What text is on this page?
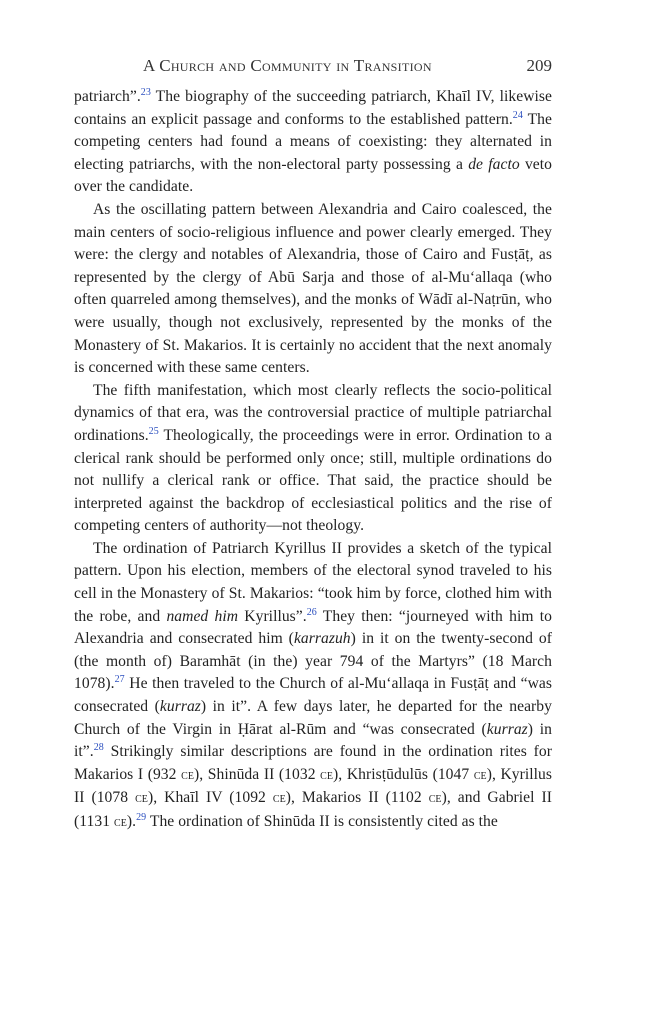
A Church and Community in Transition	209

patriarch”.$^{23}$ The biography of the succeeding patriarch, Khaīl IV, likewise contains an explicit passage and conforms to the established pattern.$^{24}$ The competing centers had found a means of coexisting: they alternated in electing patriarchs, with the non-electoral party possessing a de facto veto over the candidate.

As the oscillating pattern between Alexandria and Cairo coalesced, the main centers of socio-religious influence and power clearly emerged. They were: the clergy and notables of Alexandria, those of Cairo and Fusṭāṭ, as represented by the clergy of Abū Sarja and those of al-Muʻallaqa (who often quarreled among themselves), and the monks of Wādī al-Naṭrūn, who were usually, though not exclusively, represented by the monks of the Monastery of St. Makarios. It is certainly no accident that the next anomaly is concerned with these same centers.

The fifth manifestation, which most clearly reflects the socio-political dynamics of that era, was the controversial practice of multiple patriarchal ordinations.$^{25}$ Theologically, the proceedings were in error. Ordination to a clerical rank should be performed only once; still, multiple ordinations do not nullify a clerical rank or office. That said, the practice should be interpreted against the backdrop of ecclesiastical politics and the rise of competing centers of authority—not theology.

The ordination of Patriarch Kyrillus II provides a sketch of the typical pattern. Upon his election, members of the electoral synod traveled to his cell in the Monastery of St. Makarios: “took him by force, clothed him with the robe, and named him Kyrillus”.$^{26}$ They then: “journeyed with him to Alexandria and consecrated him (karrazuh) in it on the twenty-second of (the month of) Baramhāt (in the) year 794 of the Martyrs” (18 March 1078).$^{27}$ He then traveled to the Church of al-Muʻallaqa in Fusṭāṭ and “was consecrated (kurraz) in it”. A few days later, he departed for the nearby Church of the Virgin in Ḥārat al-Rūm and “was consecrated (kurraz) in it”.$^{28}$ Strikingly similar descriptions are found in the ordination rites for Makarios I (932 ce), Shinūda II (1032 ce), Khrisṭūdulūs (1047 ce), Kyrillus II (1078 ce), Khaīl IV (1092 ce), Makarios II (1102 ce), and Gabriel II (1131 ce).$^{29}$ The ordination of Shinūda II is consistently cited as the
